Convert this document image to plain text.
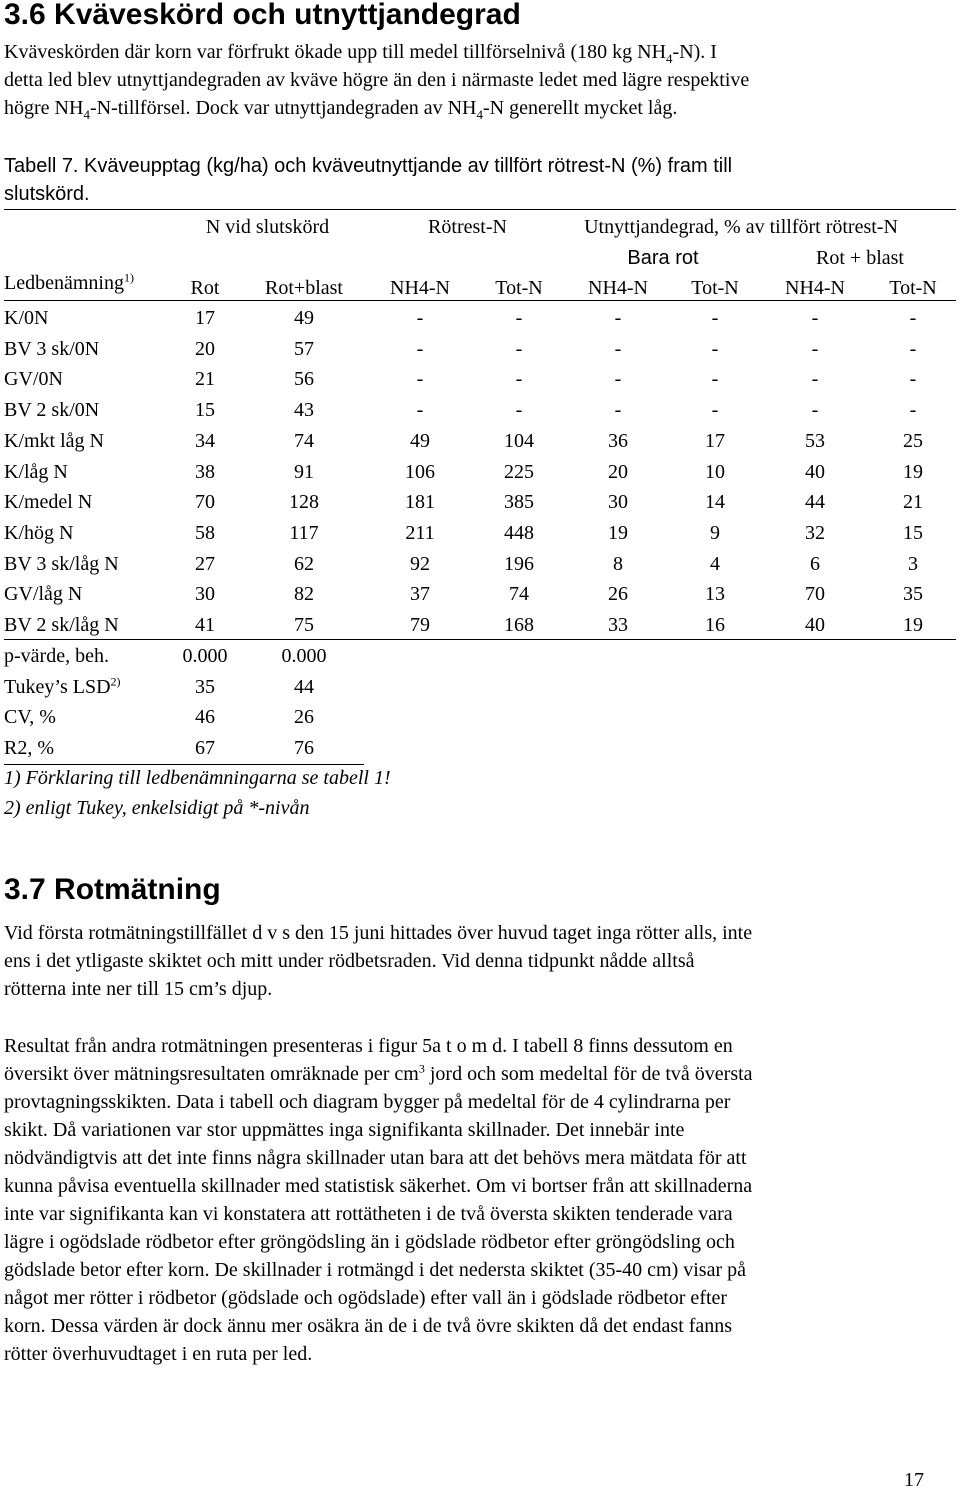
3.6 Kväveskörd och utnyttjandegrad
Kväveskörden där korn var förfrukt ökade upp till medel tillförselnivå (180 kg $NH_4-N$). I
detta led blev utnyttjandegraden av kväve högre än den i närmaste ledet med lägre respektive
högre $NH_4-N$-tillförsel. Dock var utnyttjandegraden av $NH_4-N$ generellt mycket låg.
Tabell 7. Kväveupptag (kg/ha) och kväveutnyttjande av tillfört rötrest-N (%) fram till
slutskörd.
N vid slutskörd	Rötrest-N	Utnyttjandegrad, % av tillfört rötrest-N
Bara rot	Rot + blast
Ledbenämning$^{1)}$	Rot	Rot+blast	NH4-N	Tot-N	NH4-N	Tot-N	NH4-N	Tot-N
K/0N	17	49	-	-	-	-	-	-
BV 3 sk/0N	20	57	-	-	-	-	-	-
GV/0N	21	56	-	-	-	-	-	-
BV 2 sk/0N	15	43	-	-	-	-	-	-
K/mkt låg N	34	74	49	104	36	17	53	25
K/låg N	38	91	106	225	20	10	40	19
K/medel N	70	128	181	385	30	14	44	21
K/hög N	58	117	211	448	19	9	32	15
BV 3 sk/låg N	27	62	92	196	8	4	6	3
GV/låg N	30	82	37	74	26	13	70	35
BV 2 sk/låg N	41	75	79	168	33	16	40	19
p-värde, beh.	0.000	0.000
Tukey’s LSD$^{2)}$	35	44
CV, %	46	26
R2, %	67	76
1) Förklaring till ledbenämningarna se tabell 1!
2) enligt Tukey, enkelsidigt på *-nivån
3.7 Rotmätning
Vid första rotmätningstillfället d v s den 15 juni hittades över huvud taget inga rötter alls, inte
ens i det ytligaste skiktet och mitt under rödbetsraden. Vid denna tidpunkt nådde alltså
rötterna inte ner till 15 cm’s djup.
Resultat från andra rotmätningen presenteras i figur 5a t o m d. I tabell 8 finns dessutom en
översikt över mätningsresultaten omräknade per $cm^3$ jord och som medeltal för de två översta
provtagningsskikten. Data i tabell och diagram bygger på medeltal för de 4 cylindrarna per
skikt. Då variationen var stor uppmättes inga signifikanta skillnader. Det innebär inte
nödvändigtvis att det inte finns några skillnader utan bara att det behövs mera mätdata för att
kunna påvisa eventuella skillnader med statistisk säkerhet. Om vi bortser från att skillnaderna
inte var signifikanta kan vi konstatera att rottätheten i de två översta skikten tenderade vara
lägre i ogödslade rödbetor efter gröngödsling än i gödslade rödbetor efter gröngödsling och
gödslade betor efter korn. De skillnader i rotmängd i det nedersta skiktet (35-40 cm) visar på
något mer rötter i rödbetor (gödslade och ogödslade) efter vall än i gödslade rödbetor efter
korn. Dessa värden är dock ännu mer osäkra än de i de två övre skikten då det endast fanns
rötter överhuvudtaget i en ruta per led.
17
